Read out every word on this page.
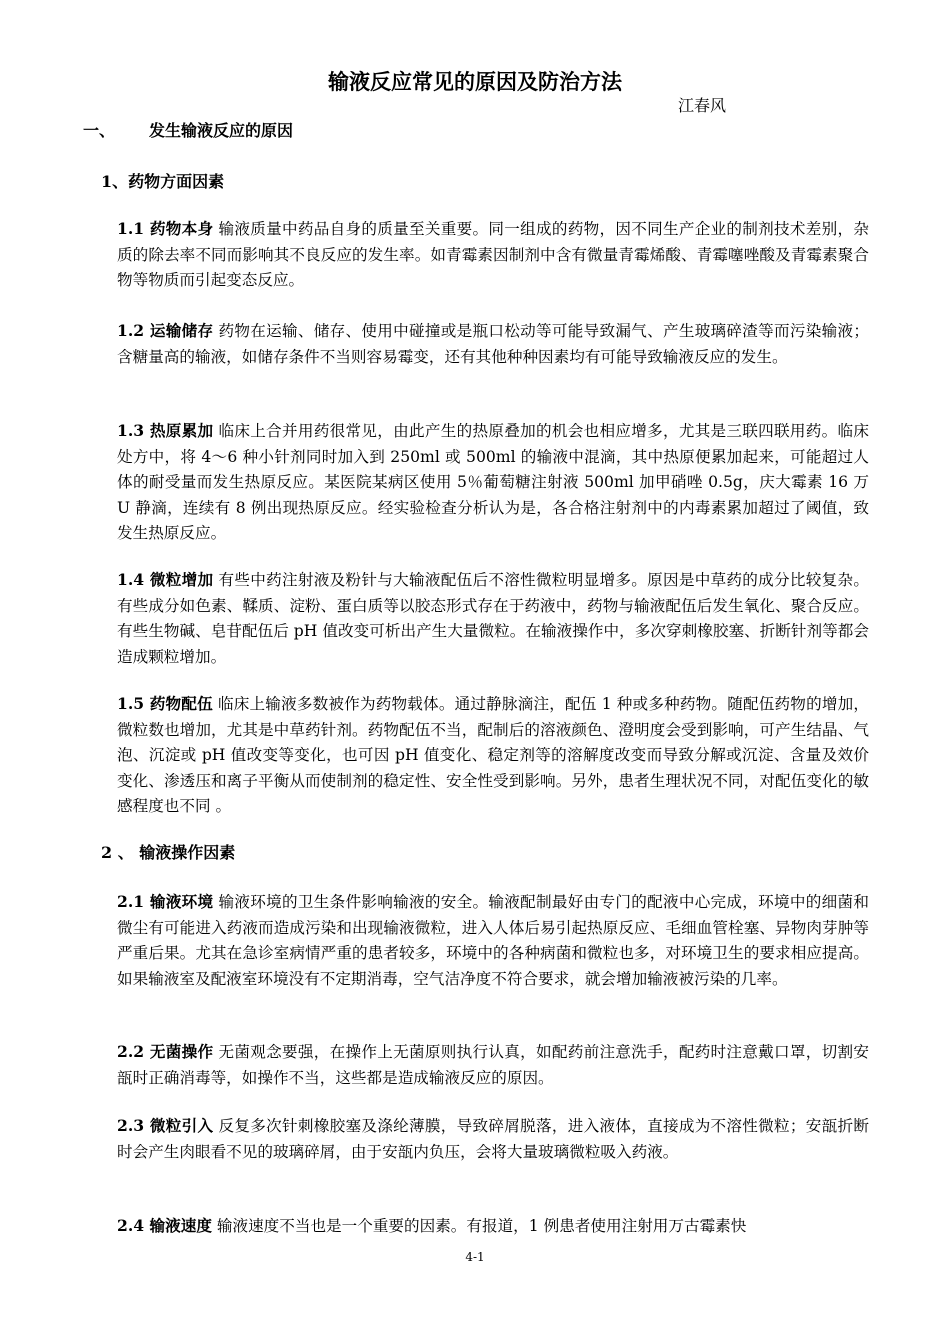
输液反应常见的原因及防治方法
江春风
一、 发生输液反应的原因
1、药物方面因素
1.1 药物本身 输液质量中药品自身的质量至关重要。同一组成的药物，因不同生产企业的制剂技术差别，杂质的除去率不同而影响其不良反应的发生率。如青霉素因制剂中含有微量青霉烯酸、青霉噻唑酸及青霉素聚合物等物质而引起变态反应。
1.2 运输储存 药物在运输、储存、使用中碰撞或是瓶口松动等可能导致漏气、产生玻璃碎渣等而污染输液；含糖量高的输液，如储存条件不当则容易霉变，还有其他种种因素均有可能导致输液反应的发生。
1.3 热原累加 临床上合并用药很常见，由此产生的热原叠加的机会也相应增多，尤其是三联四联用药。临床处方中，将 4～6 种小针剂同时加入到 250ml 或 500ml 的输液中混滴，其中热原便累加起来，可能超过人体的耐受量而发生热原反应。某医院某病区使用 5％葡萄糖注射液 500ml 加甲硝唑 0.5g，庆大霉素 16 万 U 静滴，连续有 8 例出现热原反应。经实验检查分析认为是，各合格注射剂中的内毒素累加超过了阈值，致发生热原反应。
1.4 微粒增加 有些中药注射液及粉针与大输液配伍后不溶性微粒明显增多。原因是中草药的成分比较复杂。有些成分如色素、鞣质、淀粉、蛋白质等以胶态形式存在于药液中，药物与输液配伍后发生氧化、聚合反应。有些生物碱、皂苷配伍后 pH 值改变可析出产生大量微粒。在输液操作中，多次穿刺橡胶塞、折断针剂等都会造成颗粒增加。
1.5 药物配伍 临床上输液多数被作为药物载体。通过静脉滴注，配伍 1 种或多种药物。随配伍药物的增加，微粒数也增加，尤其是中草药针剂。药物配伍不当，配制后的溶液颜色、澄明度会受到影响，可产生结晶、气泡、沉淀或 pH 值改变等变化，也可因 pH 值变化、稳定剂等的溶解度改变而导致分解或沉淀、含量及效价变化、渗透压和离子平衡从而使制剂的稳定性、安全性受到影响。另外，患者生理状况不同，对配伍变化的敏感程度也不同 。
2 、 输液操作因素
2.1 输液环境 输液环境的卫生条件影响输液的安全。输液配制最好由专门的配液中心完成，环境中的细菌和微尘有可能进入药液而造成污染和出现输液微粒，进入人体后易引起热原反应、毛细血管栓塞、异物肉芽肿等严重后果。尤其在急诊室病情严重的患者较多，环境中的各种病菌和微粒也多，对环境卫生的要求相应提高。如果输液室及配液室环境没有不定期消毒，空气洁净度不符合要求，就会增加输液被污染的几率。
2.2 无菌操作 无菌观念要强，在操作上无菌原则执行认真，如配药前注意洗手，配药时注意戴口罩，切割安瓿时正确消毒等，如操作不当，这些都是造成输液反应的原因。
2.3 微粒引入 反复多次针刺橡胶塞及涤纶薄膜，导致碎屑脱落，进入液体，直接成为不溶性微粒；安瓿折断时会产生肉眼看不见的玻璃碎屑，由于安瓿内负压，会将大量玻璃微粒吸入药液。
2.4 输液速度 输液速度不当也是一个重要的因素。有报道，1 例患者使用注射用万古霉素快
4-1
